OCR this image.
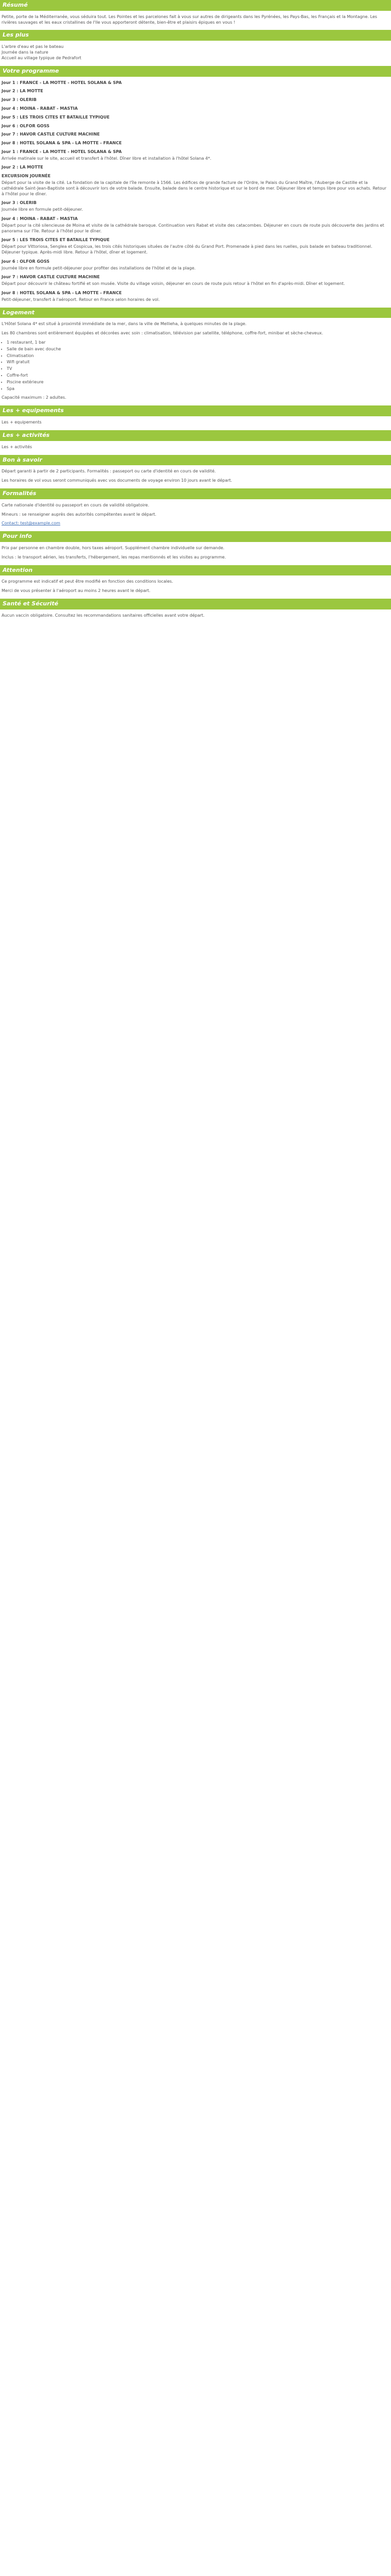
Résumé

Petite, porte de la Méditerranée, vous séduira tout. Les Pointes et les parcelones fait à vous sur autres de dirigeants dans les Pyrénées, les Pays-Bas, les Français et la Montagne. Les rivières sauvages et les eaux cristallines de l'Ile vous apporteront détente, bien-être et plaisirs épiques en vous !

Les plus

L'arbre d'eau et pas le bateau

Journée dans la nature

Accueil au village typique de Pedrafort

Votre programme
Jour 1 : FRANCE - LA MOTTE - HOTEL SOLANA & SPA
Jour 2 : LA MOTTE
Jour 3 : OLERIB
Jour 4 : MOINA - RABAT - MASTIA
Jour 5 : LES TROIS CITES ET BATAILLE TYPIQUE
Jour 6 : OLFOR GOSS
Jour 7 : HAVOR CASTLE CULTURE MACHINE
Jour 8 : HOTEL SOLANA & SPA - LA MOTTE - FRANCE
Jour 1 : FRANCE - LA MOTTE - HOTEL SOLANA & SPA

Arrivée matinale sur le site, accueil et transfert à l'hôtel. Dîner libre et installation à l'hôtel Solana 4*.

Jour 2 : LA MOTTE
EXCURSION JOURNÉE

Départ pour la visite de la cité. La fondation de la capitale de l'île remonte à 1566. Les édifices de grande facture de l'Ordre, le Palais du Grand Maître, l'Auberge de Castille et la cathédrale Saint-Jean-Baptiste sont à découvrir lors de votre balade. Ensuite, balade dans le centre historique et sur le bord de mer. Déjeuner libre et temps libre pour vos achats. Retour à l'hôtel pour le dîner.

Jour 3 : OLERIB

Journée libre en formule petit-déjeuner.

Jour 4 : MOINA - RABAT - MASTIA

Départ pour la cité silencieuse de Moina et visite de la cathédrale baroque. Continuation vers Rabat et visite des catacombes. Déjeuner en cours de route puis découverte des jardins et panorama sur l'île. Retour à l'hôtel pour le dîner.

Jour 5 : LES TROIS CITES ET BATAILLE TYPIQUE

Départ pour Vittoriosa, Senglea et Cospicua, les trois cités historiques situées de l'autre côté du Grand Port. Promenade à pied dans les ruelles, puis balade en bateau traditionnel. Déjeuner typique. Après-midi libre. Retour à l'hôtel, dîner et logement.

Jour 6 : OLFOR GOSS

Journée libre en formule petit-déjeuner pour profiter des installations de l'hôtel et de la plage.

Jour 7 : HAVOR CASTLE CULTURE MACHINE

Départ pour découvrir le château fortifié et son musée. Visite du village voisin, déjeuner en cours de route puis retour à l'hôtel en fin d'après-midi. Dîner et logement.

Jour 8 : HOTEL SOLANA & SPA - LA MOTTE - FRANCE

Petit-déjeuner, transfert à l'aéroport. Retour en France selon horaires de vol.

Logement

L'Hôtel Solana 4* est situé à proximité immédiate de la mer, dans la ville de Mellieha, à quelques minutes de la plage.

Les 80 chambres sont entièrement équipées et décorées avec soin : climatisation, télévision par satellite, téléphone, coffre-fort, minibar et sèche-cheveux.

• 1 restaurant, 1 bar
• Salle de bain avec douche
• Climatisation
• Wifi gratuit
• TV
• Coffre-fort
• Piscine extérieure
• Spa

Capacité maximum : 2 adultes.

Les + equipements

Les + equipements

Les + activités

Les + activités

Bon à savoir

Départ garanti à partir de 2 participants. Formalités : passeport ou carte d'identité en cours de validité.

Les horaires de vol vous seront communiqués avec vos documents de voyage environ 10 jours avant le départ.

Formalités

Carte nationale d'identité ou passeport en cours de validité obligatoire.

Mineurs : se renseigner auprès des autorités compétentes avant le départ.

Contact: test@example.com

Pour info

Prix par personne en chambre double, hors taxes aéroport. Supplément chambre individuelle sur demande.

Inclus : le transport aérien, les transferts, l'hébergement, les repas mentionnés et les visites au programme.

Attention

Ce programme est indicatif et peut être modifié en fonction des conditions locales.

Merci de vous présenter à l'aéroport au moins 2 heures avant le départ.

Santé et Sécurité

Aucun vaccin obligatoire. Consultez les recommandations sanitaires officielles avant votre départ.
